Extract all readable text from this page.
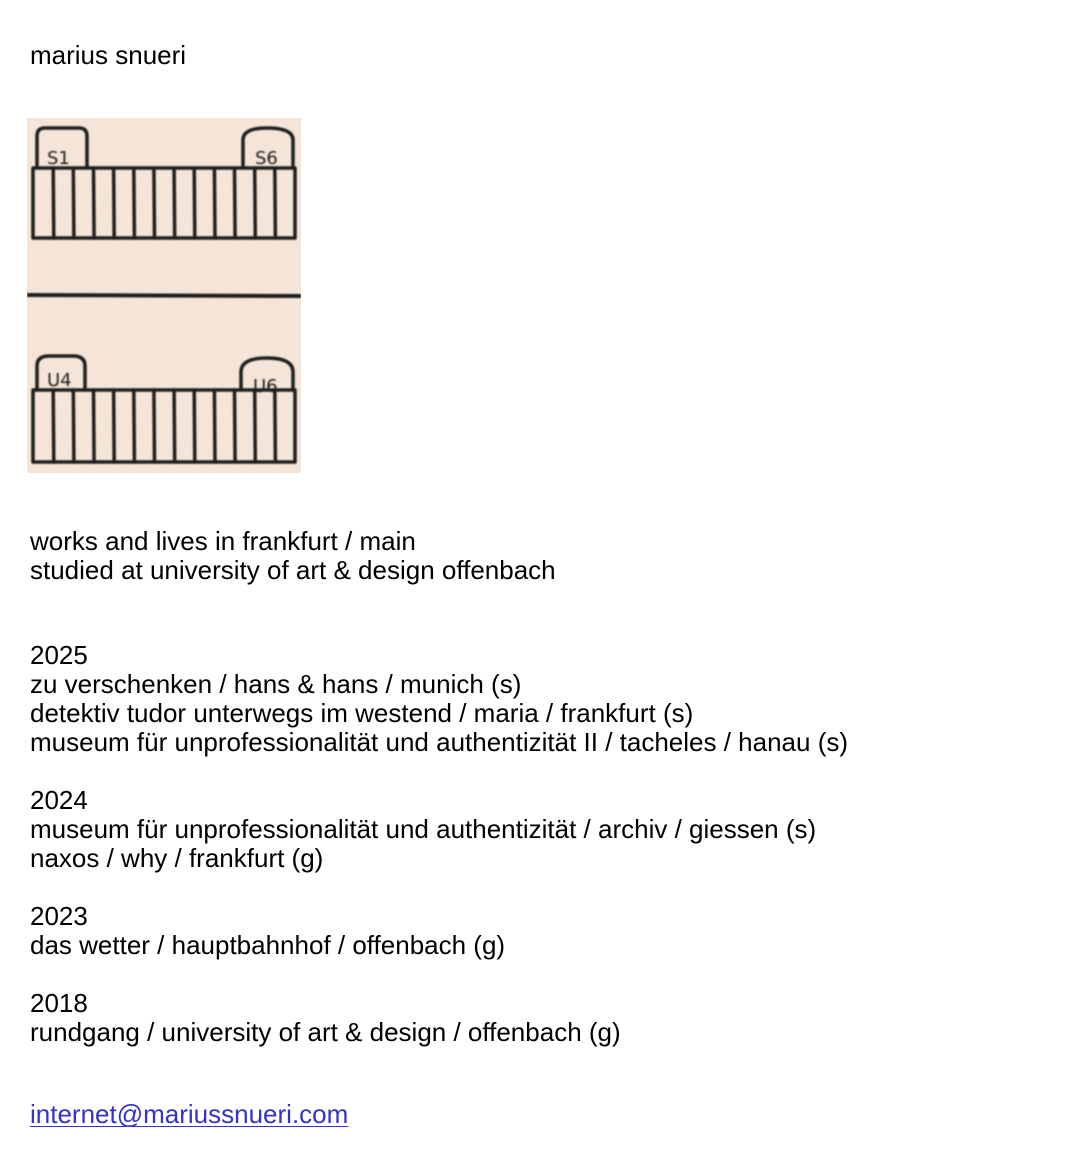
marius snueri
S1	S6
U4	U6
works and lives in frankfurt / main
studied at university of art & design offenbach
2025
zu verschenken / hans & hans / munich (s)
detektiv tudor unterwegs im westend / maria / frankfurt (s)
museum für unprofessionalität und authentizität II / tacheles / hanau (s)
2024
museum für unprofessionalität und authentizität / archiv / giessen (s)
naxos / why / frankfurt (g)
2023
das wetter / hauptbahnhof / offenbach (g)
2018
rundgang / university of art & design / offenbach (g)
internet@mariussnueri.com
